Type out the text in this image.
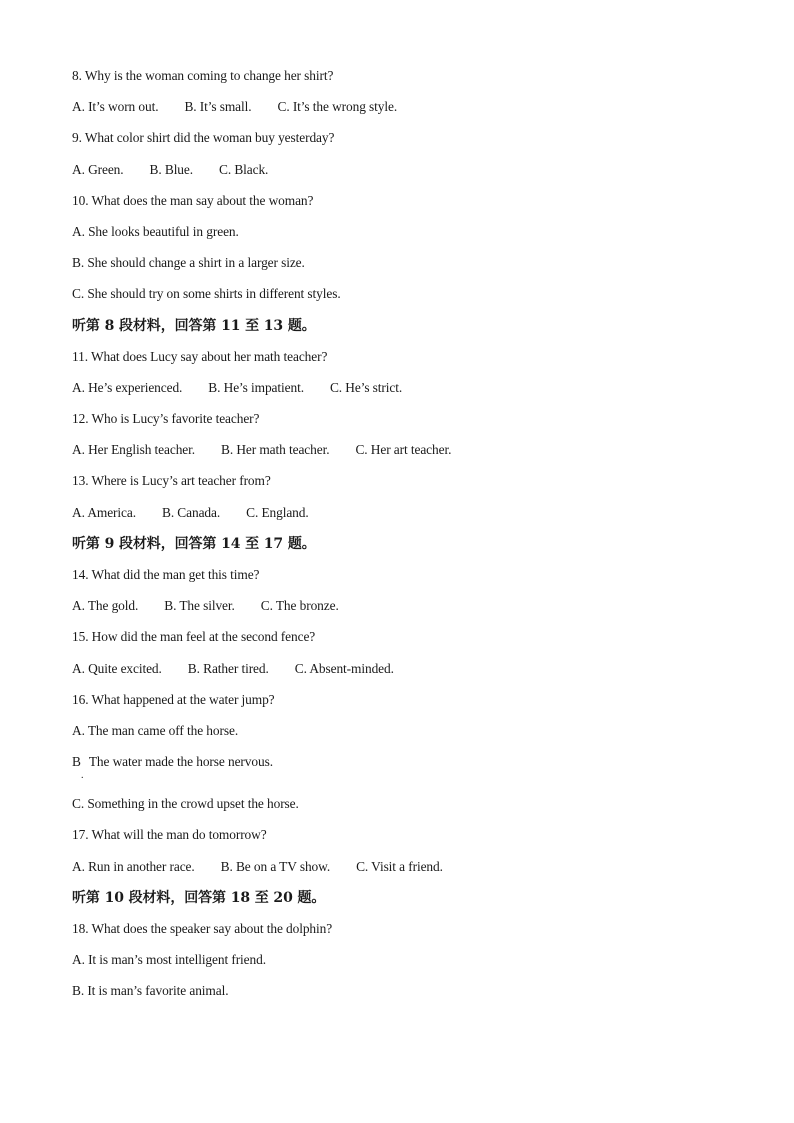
8. Why is the woman coming to change her shirt?
A. It’s worn out. B. It’s small. C. It’s the wrong style.
9. What color shirt did the woman buy yesterday?
A. Green. B. Blue. C. Black.
10. What does the man say about the woman?
A. She looks beautiful in green.
B. She should change a shirt in a larger size.
C. She should try on some shirts in different styles.
听第 8 段材料，回答第 11 至 13 题。
11. What does Lucy say about her math teacher?
A. He’s experienced. B. He’s impatient. C. He’s strict.
12. Who is Lucy’s favorite teacher?
A. Her English teacher. B. Her math teacher. C. Her art teacher.
13. Where is Lucy’s art teacher from?
A. America. B. Canada. C. England.
听第 9 段材料，回答第 14 至 17 题。
14. What did the man get this time?
A. The gold. B. The silver. C. The bronze.
15. How did the man feel at the second fence?
A. Quite excited. B. Rather tired. C. Absent-minded.
16. What happened at the water jump?
A. The man came off the horse.
B
.
The water made the horse nervous.
C. Something in the crowd upset the horse.
17. What will the man do tomorrow?
A. Run in another race. B. Be on a TV show. C. Visit a friend.
听第 10 段材料，回答第 18 至 20 题。
18. What does the speaker say about the dolphin?
A. It is man’s most intelligent friend.
B. It is man’s favorite animal.
